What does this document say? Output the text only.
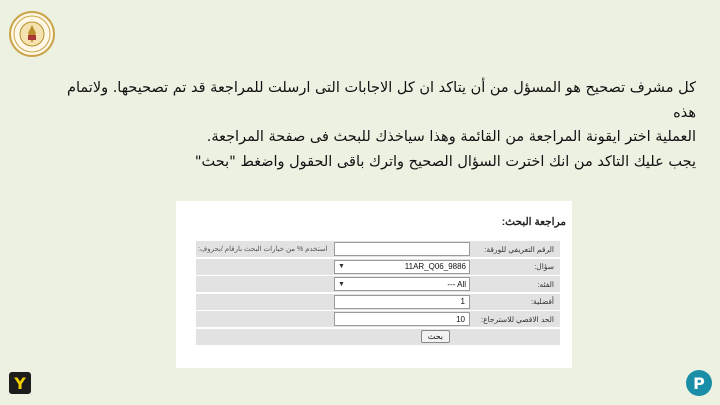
كل مشرف تصحيح هو المسؤل من أن يتاكد ان كل الاجابات التى ارسلت للمراجعة قد تم تصحيحها. ولاتمام هذه

العملية اختر ايقونة المراجعة من القائمة وهذا سياخذك للبحث فى صفحة المراجعة.

يجب عليك التاكد من انك اخترت السؤال الصحيح واترك باقى الحقول واضغط "بحث"

مراجعة البحث:
الرقم التعريفي للورقة:
استخدم % من خيارات البحث بارقام /بحروف:
سؤال:
▼	11AR_Q06_9886
الفئه:
▼	--- All
أفضلية:
1
الحد الاقصي للاسترجاع:
10
بحث
Y	P
